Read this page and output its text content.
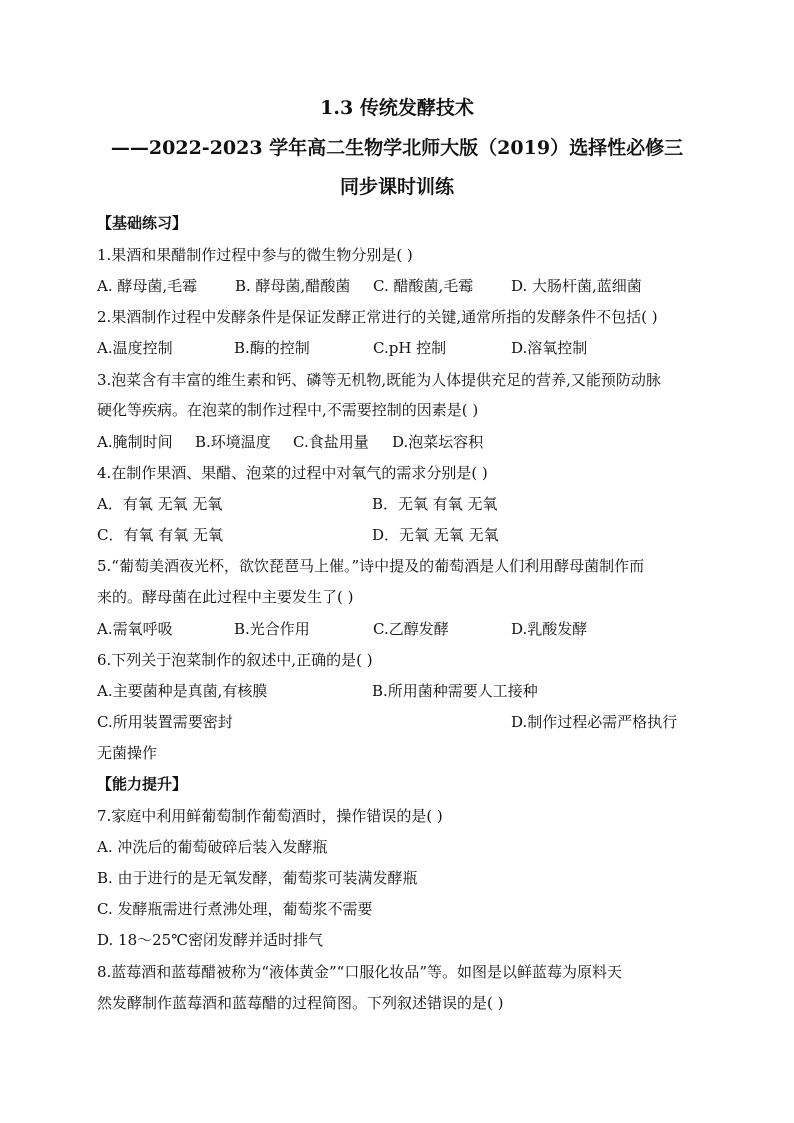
1.3 传统发酵技术
——2022-2023 学年高二生物学北师大版（2019）选择性必修三
同步课时训练
【基础练习】
1.果酒和果醋制作过程中参与的微生物分别是( )
A. 酵母菌,毛霉	B. 酵母菌,醋酸菌 C. 醋酸菌,毛霉	D. 大肠杆菌,蓝细菌
2.果酒制作过程中发酵条件是保证发酵正常进行的关键,通常所指的发酵条件不包括( )
A.温度控制	B.酶的控制	C.pH 控制	D.溶氧控制
3.泡菜含有丰富的维生素和钙、磷等无机物,既能为人体提供充足的营养,又能预防动脉
硬化等疾病。在泡菜的制作过程中,不需要控制的因素是( )
A.腌制时间 B.环境温度 C.食盐用量 D.泡菜坛容积
4.在制作果酒、果醋、泡菜的过程中对氧气的需求分别是( )
A．有氧 无氧 无氧	B．无氧 有氧 无氧
C．有氧 有氧 无氧	D．无氧 无氧 无氧
5.“葡萄美酒夜光杯，欲饮琵琶马上催。”诗中提及的葡萄酒是人们利用酵母菌制作而
来的。酵母菌在此过程中主要发生了( )
A.需氧呼吸	B.光合作用	C.乙醇发酵	D.乳酸发酵
6.下列关于泡菜制作的叙述中,正确的是( )
A.主要菌种是真菌,有核膜	B.所用菌种需要人工接种
C.所用装置需要密封	D.制作过程必需严格执行
无菌操作
【能力提升】
7.家庭中利用鲜葡萄制作葡萄酒时，操作错误的是( )
A. 冲洗后的葡萄破碎后装入发酵瓶
B. 由于进行的是无氧发酵，葡萄浆可装满发酵瓶
C. 发酵瓶需进行煮沸处理，葡萄浆不需要
D. 18～25℃密闭发酵并适时排气
8.蓝莓酒和蓝莓醋被称为“液体黄金”“口服化妆品”等。如图是以鲜蓝莓为原料天
然发酵制作蓝莓酒和蓝莓醋的过程简图。下列叙述错误的是( )
